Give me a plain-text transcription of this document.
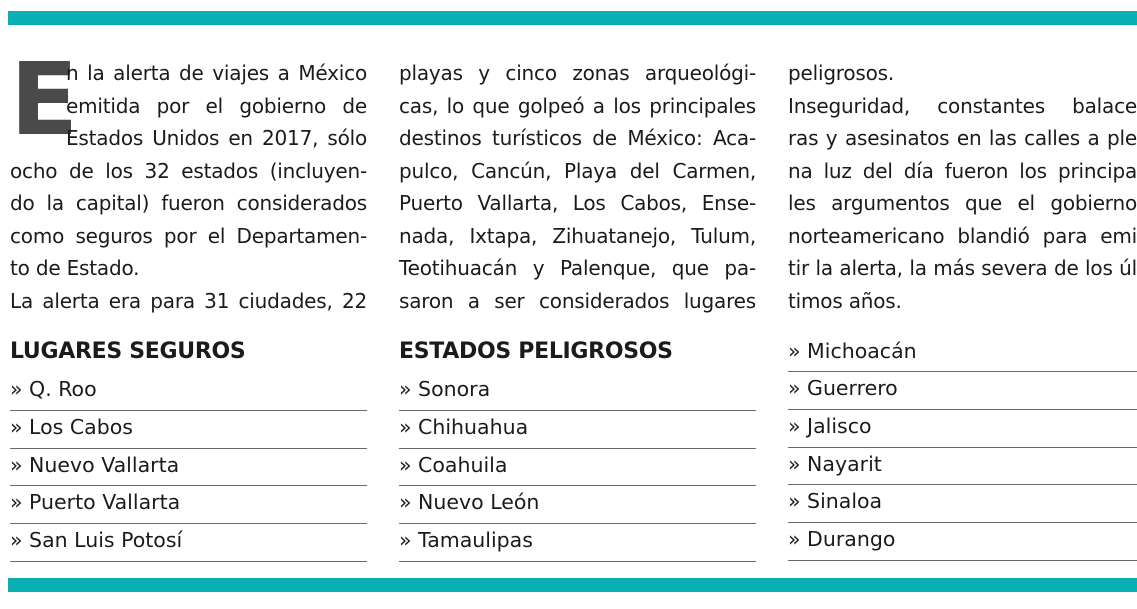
E
n la alerta de viajes a México
emitida por el gobierno de
Estados Unidos en 2017, sólo
ocho de los 32 estados (incluyen-
do la capital) fueron considerados
como seguros por el Departamen-
to de Estado.
La alerta era para 31 ciudades, 22
LUGARES SEGUROS
» Q. Roo
» Los Cabos
» Nuevo Vallarta
» Puerto Vallarta
» San Luis Potosí
playas y cinco zonas arqueológi-
cas, lo que golpeó a los principales
destinos turísticos de México: Aca-
pulco, Cancún, Playa del Carmen,
Puerto Vallarta, Los Cabos, Ense-
nada, Ixtapa, Zihuatanejo, Tulum,
Teotihuacán y Palenque, que pa-
saron a ser considerados lugares
ESTADOS PELIGROSOS
» Sonora
» Chihuahua
» Coahuila
» Nuevo León
» Tamaulipas
peligrosos.
Inseguridad, constantes balace
ras y asesinatos en las calles a ple
na luz del día fueron los principa
les argumentos que el gobierno
norteamericano blandió para emi
tir la alerta, la más severa de los úl
timos años.
» Michoacán
» Guerrero
» Jalisco
» Nayarit
» Sinaloa
» Durango
